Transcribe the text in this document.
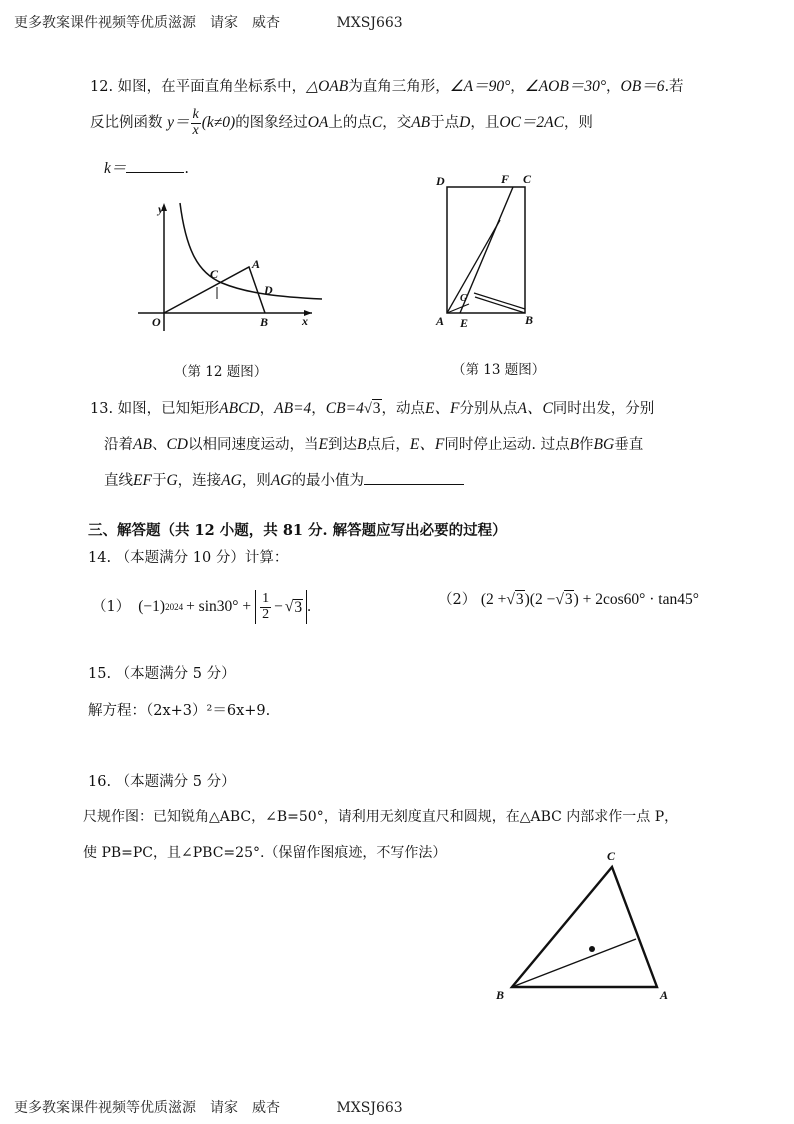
更多教案课件视频等优质滋源　请家　威杏	MXSJ663
12. 如图，在平面直角坐标系中，△OAB为直角三角形，∠A＝90°，∠AOB＝30°，OB＝6.若
反比例函数 $y= \frac{k}{x} (k\ne 0)$的图象经过OA上的点C，交AB于点D，且OC＝2AC，则
k＝	.
y
x
O
A
B
C
D
（第 12 题图）
D	F C
A E	B
G
（第 13 题图）
13. 如图，已知矩形ABCD，AB=4，CB=4√3，动点E、F分别从点A、C同时出发，分别
沿着AB、CD以相同速度运动，当E到达B点后，E、F同时停止运动. 过点B作BG垂直
直线EF于G，连接AG，则AG的最小值为
三、解答题（共 12 小题，共 81 分. 解答题应写出必要的过程）
14. （本题满分 10 分）计算：
（1） (−1) $2024 + \sin 30^\circ + \frac{1}{2}$ − √ 3 .	（2） (2 +√3)(2 −√3) + 2cos60° · tan45°
15. （本题满分 5 分）
解方程：（2x+3）²＝6x+9.
16. （本题满分 5 分）
尺规作图：已知锐角△ABC，∠B=50°，请利用无刻度直尺和圆规，在△ABC 内部求作一点 P，
使 PB=PC，且∠PBC=25°.（保留作图痕迹，不写作法）	C
B	A
更多教案课件视频等优质滋源　请家　威杏	MXSJ663
